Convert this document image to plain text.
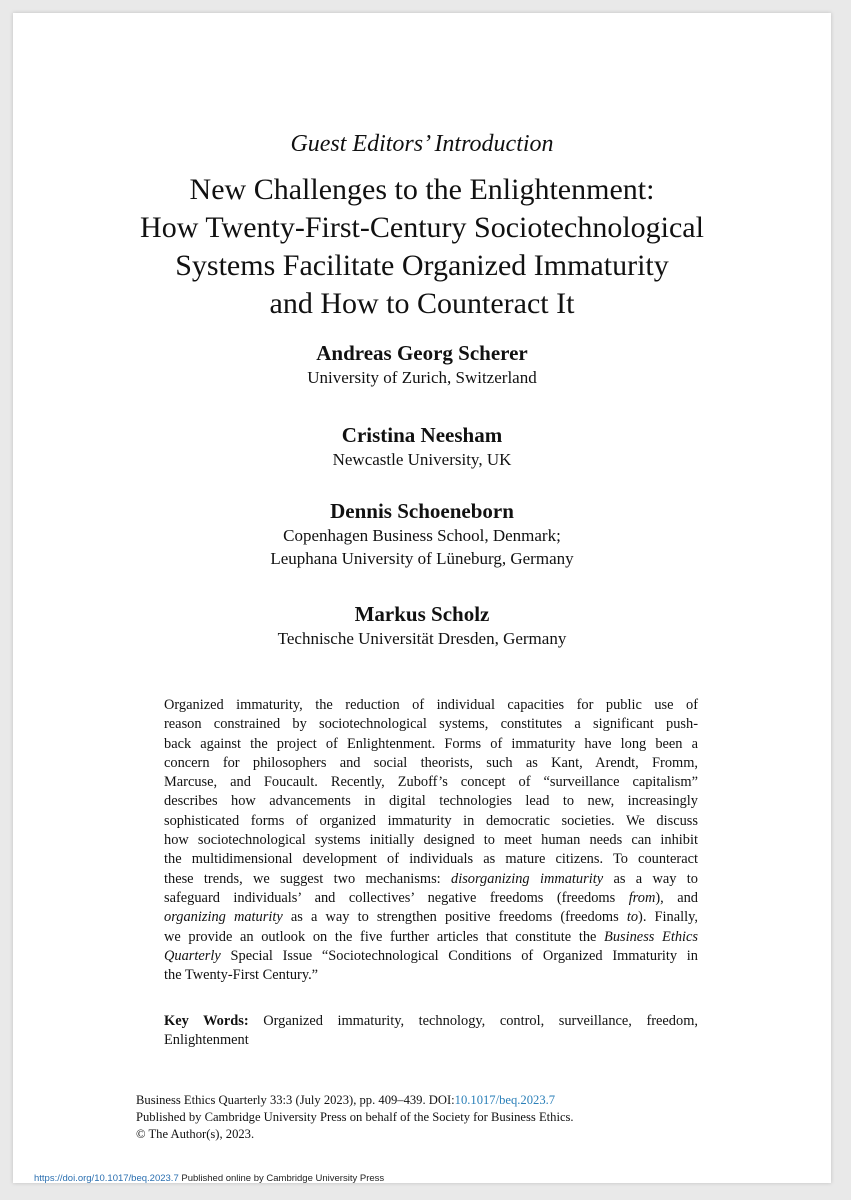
Guest Editors’ Introduction
New Challenges to the Enlightenment:
How Twenty-First-Century Sociotechnological
Systems Facilitate Organized Immaturity
and How to Counteract It
Andreas Georg Scherer
University of Zurich, Switzerland
Cristina Neesham
Newcastle University, UK
Dennis Schoeneborn
Copenhagen Business School, Denmark;
Leuphana University of Lüneburg, Germany
Markus Scholz
Technische Universität Dresden, Germany
Organized immaturity, the reduction of individual capacities for public use of
reason constrained by sociotechnological systems, constitutes a significant push-
back against the project of Enlightenment. Forms of immaturity have long been a
concern for philosophers and social theorists, such as Kant, Arendt, Fromm,
Marcuse, and Foucault. Recently, Zuboff’s concept of “surveillance capitalism”
describes how advancements in digital technologies lead to new, increasingly
sophisticated forms of organized immaturity in democratic societies. We discuss
how sociotechnological systems initially designed to meet human needs can inhibit
the multidimensional development of individuals as mature citizens. To counteract
these trends, we suggest two mechanisms: disorganizing immaturity as a way to
safeguard individuals’ and collectives’ negative freedoms (freedoms from), and
organizing maturity as a way to strengthen positive freedoms (freedoms to). Finally,
we provide an outlook on the five further articles that constitute the Business Ethics
Quarterly Special Issue “Sociotechnological Conditions of Organized Immaturity in
the Twenty-First Century.”
Key Words: Organized immaturity, technology, control, surveillance, freedom,
Enlightenment
Business Ethics Quarterly 33:3 (July 2023), pp. 409–439. DOI:10.1017/beq.2023.7
Published by Cambridge University Press on behalf of the Society for Business Ethics.
© The Author(s), 2023.
https://doi.org/10.1017/beq.2023.7 Published online by Cambridge University Press
